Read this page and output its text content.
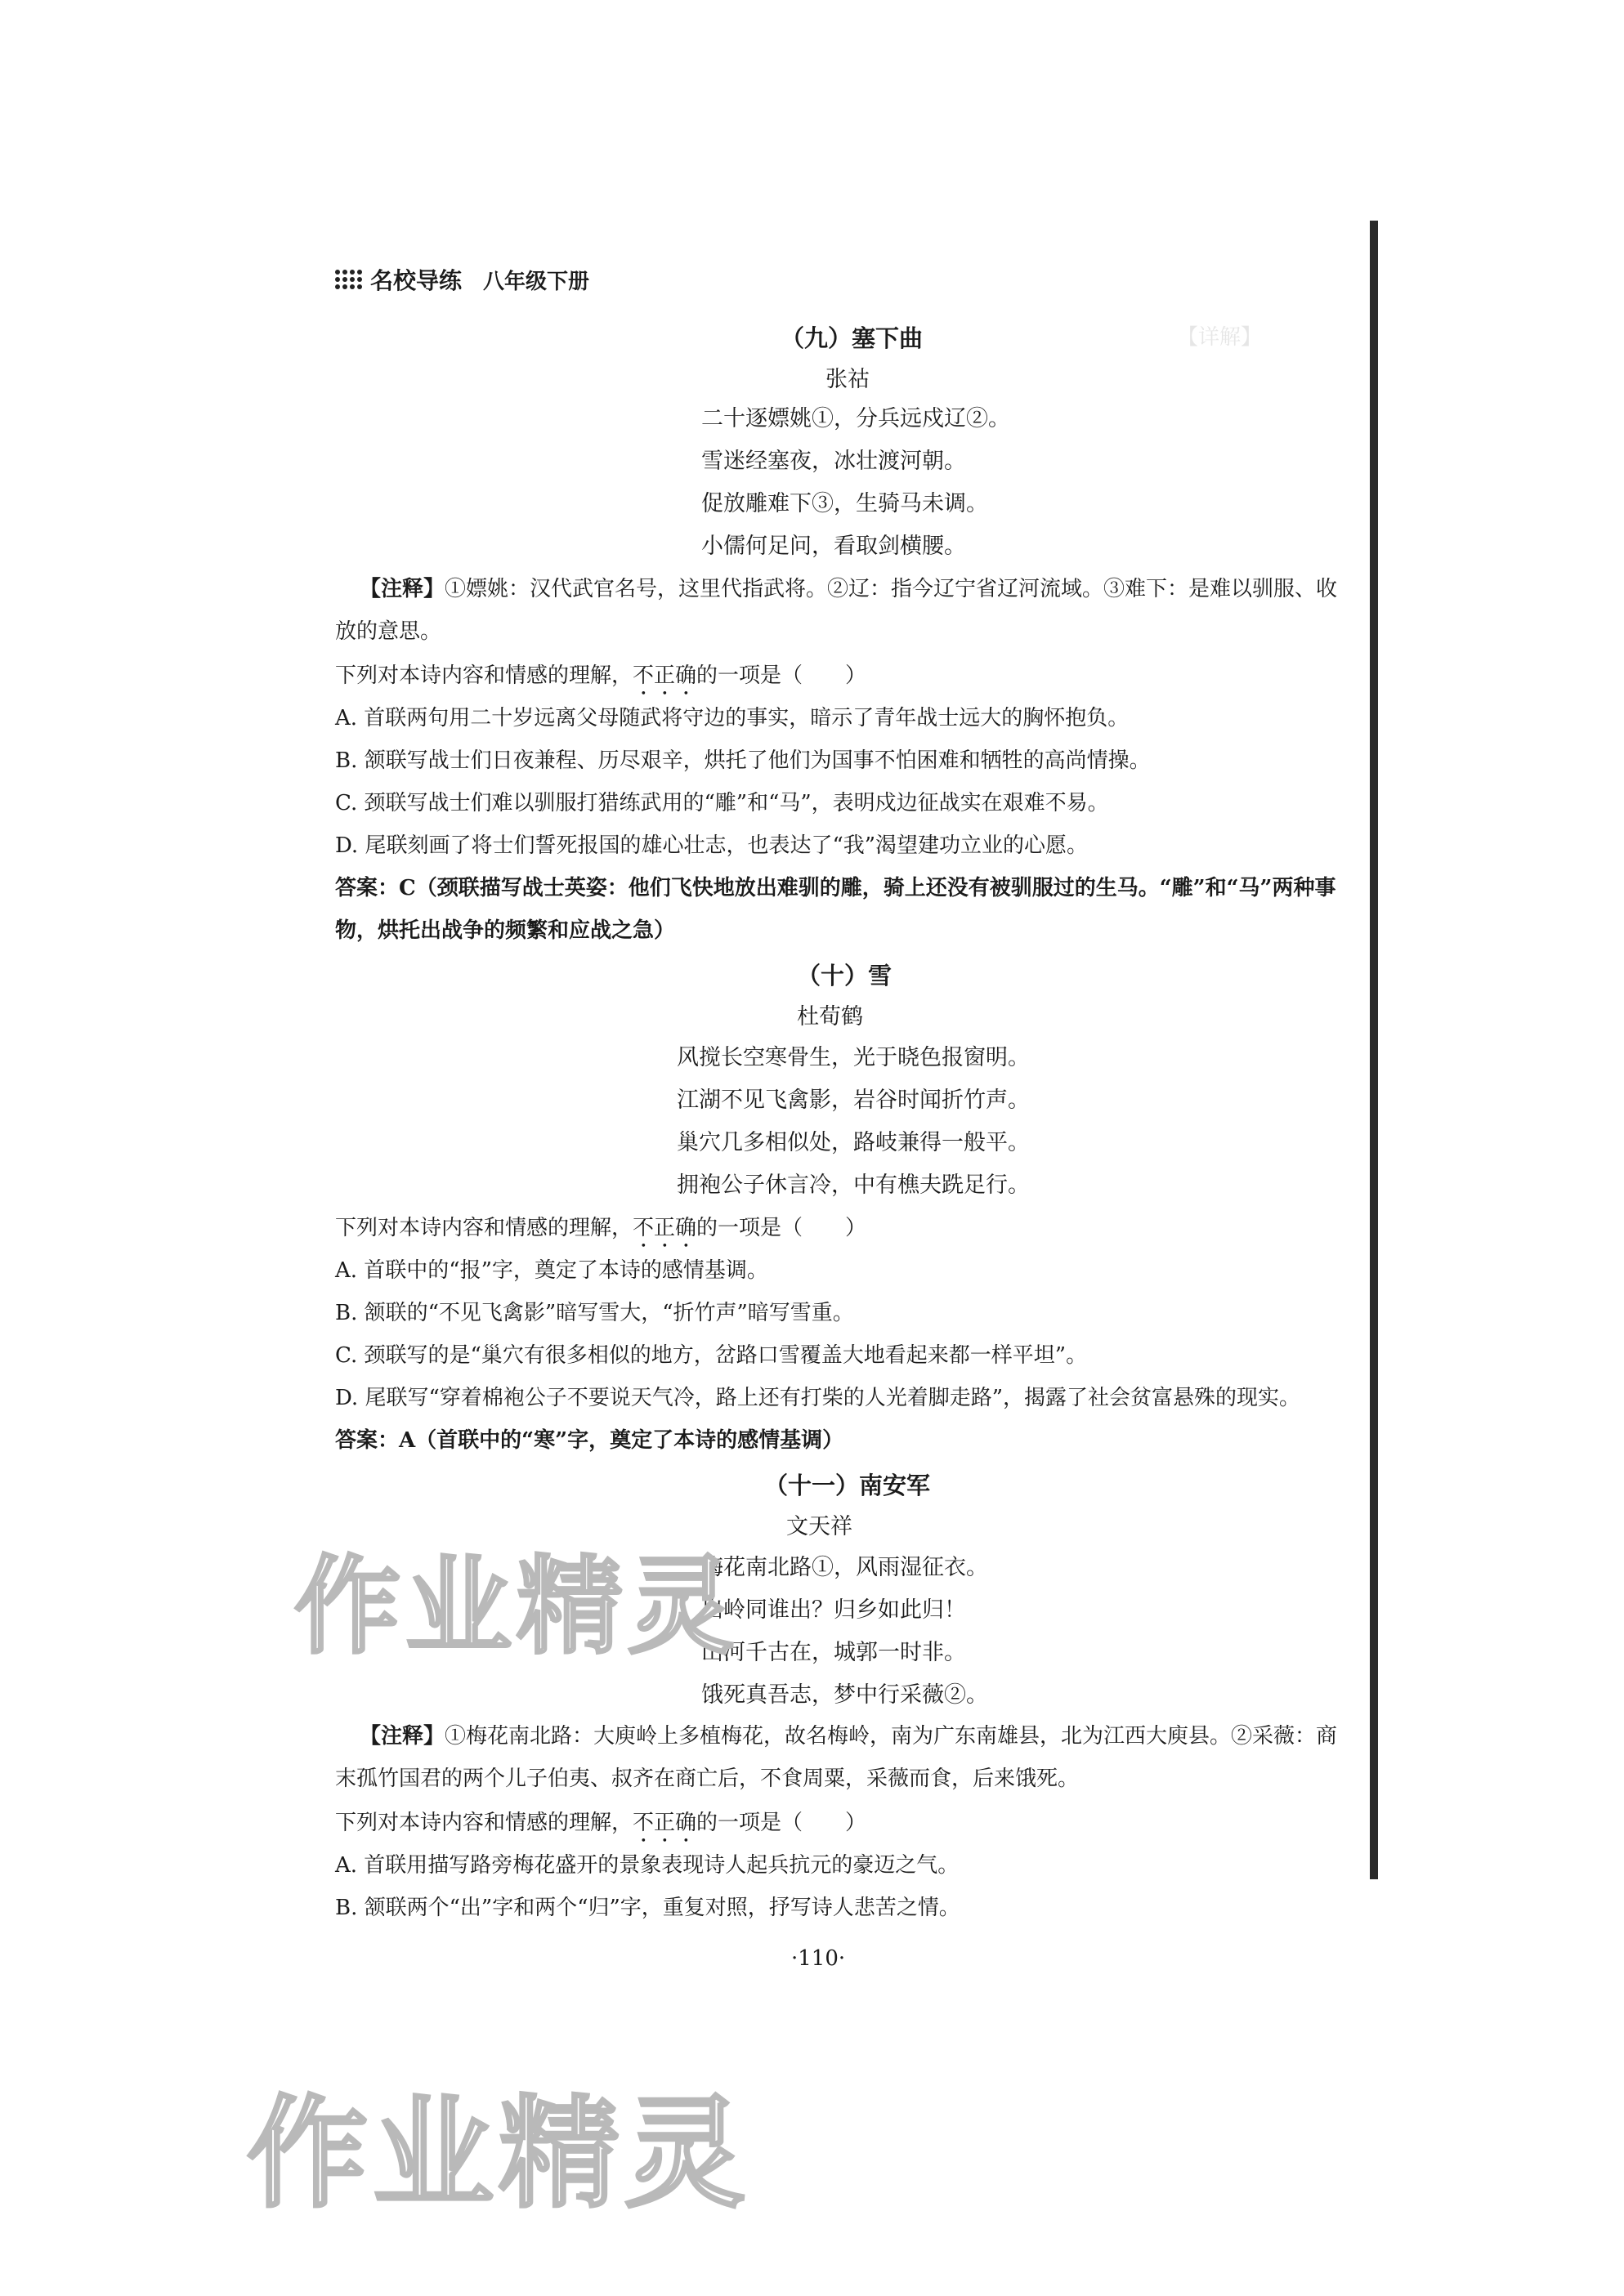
【详解】

名校导练 八年级下册
（九）塞下曲
张祜
二十逐嫖姚①，分兵远戍辽②。
雪迷经塞夜，冰壮渡河朝。
促放雕难下③，生骑马未调。
小儒何足问，看取剑横腰。
【注释】①嫖姚：汉代武官名号，这里代指武将。②辽：指今辽宁省辽河流域。③难下：是难以驯服、收
放的意思。
下列对本诗内容和情感的理解，不正确的一项是（ ）
A. 首联两句用二十岁远离父母随武将守边的事实，暗示了青年战士远大的胸怀抱负。
B. 颔联写战士们日夜兼程、历尽艰辛，烘托了他们为国事不怕困难和牺牲的高尚情操。
C. 颈联写战士们难以驯服打猎练武用的“雕”和“马”，表明戍边征战实在艰难不易。
D. 尾联刻画了将士们誓死报国的雄心壮志，也表达了“我”渴望建功立业的心愿。
答案：C（颈联描写战士英姿：他们飞快地放出难驯的雕，骑上还没有被驯服过的生马。“雕”和“马”两种事
物，烘托出战争的频繁和应战之急）
（十）雪
杜荀鹤
风搅长空寒骨生，光于晓色报窗明。
江湖不见飞禽影，岩谷时闻折竹声。
巢穴几多相似处，路岐兼得一般平。
拥袍公子休言冷，中有樵夫跣足行。
下列对本诗内容和情感的理解，不正确的一项是（ ）
A. 首联中的“报”字，奠定了本诗的感情基调。
B. 颔联的“不见飞禽影”暗写雪大，“折竹声”暗写雪重。
C. 颈联写的是“巢穴有很多相似的地方，岔路口雪覆盖大地看起来都一样平坦”。
D. 尾联写“穿着棉袍公子不要说天气冷，路上还有打柴的人光着脚走路”，揭露了社会贫富悬殊的现实。
答案：A（首联中的“寒”字，奠定了本诗的感情基调）
（十一）南安军
文天祥
梅花南北路①，风雨湿征衣。
出岭同谁出？归乡如此归！
山河千古在，城郭一时非。
饿死真吾志，梦中行采薇②。
【注释】①梅花南北路：大庾岭上多植梅花，故名梅岭，南为广东南雄县，北为江西大庾县。②采薇：商
末孤竹国君的两个儿子伯夷、叔齐在商亡后，不食周粟，采薇而食，后来饿死。
下列对本诗内容和情感的理解，不正确的一项是（ ）
A. 首联用描写路旁梅花盛开的景象表现诗人起兵抗元的豪迈之气。
B. 颔联两个“出”字和两个“归”字，重复对照，抒写诗人悲苦之情。
·110·
作业精灵
作业精灵
